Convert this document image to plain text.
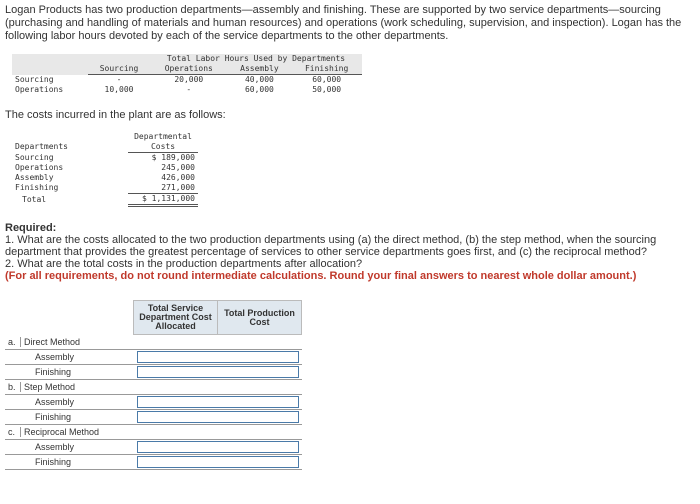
Logan Products has two production departments—assembly and finishing. These are supported by two service departments—sourcing (purchasing and handling of materials and human resources) and operations (work scheduling, supervision, and inspection). Logan has the following labor hours devoted by each of the service departments to the other departments.
		Total Labor Hours Used by Departments		
	Sourcing	Operations	Assembly	Finishing
Sourcing	-	20,000	40,000	60,000
Operations	10,000	-	60,000	50,000
The costs incurred in the plant are as follows:
	Departmental
Departments	Costs
Sourcing	$ 189,000
Operations	245,000
Assembly	426,000
Finishing	271,000
Total	$ 1,131,000
Required:
1. What are the costs allocated to the two production departments using (a) the direct method, (b) the step method, when the sourcing department that provides the greatest percentage of services to other service departments goes first, and (c) the reciprocal method?
2. What are the total costs in the production departments after allocation?
(For all requirements, do not round intermediate calculations. Round your final answers to nearest whole dollar amount.)
	Total Service Department Cost Allocated	Total Production Cost
a. Direct Method		
Assembly	

Finishing	

b. Step Method		
Assembly	

Finishing	

c. Reciprocal Method		
Assembly	

Finishing	
